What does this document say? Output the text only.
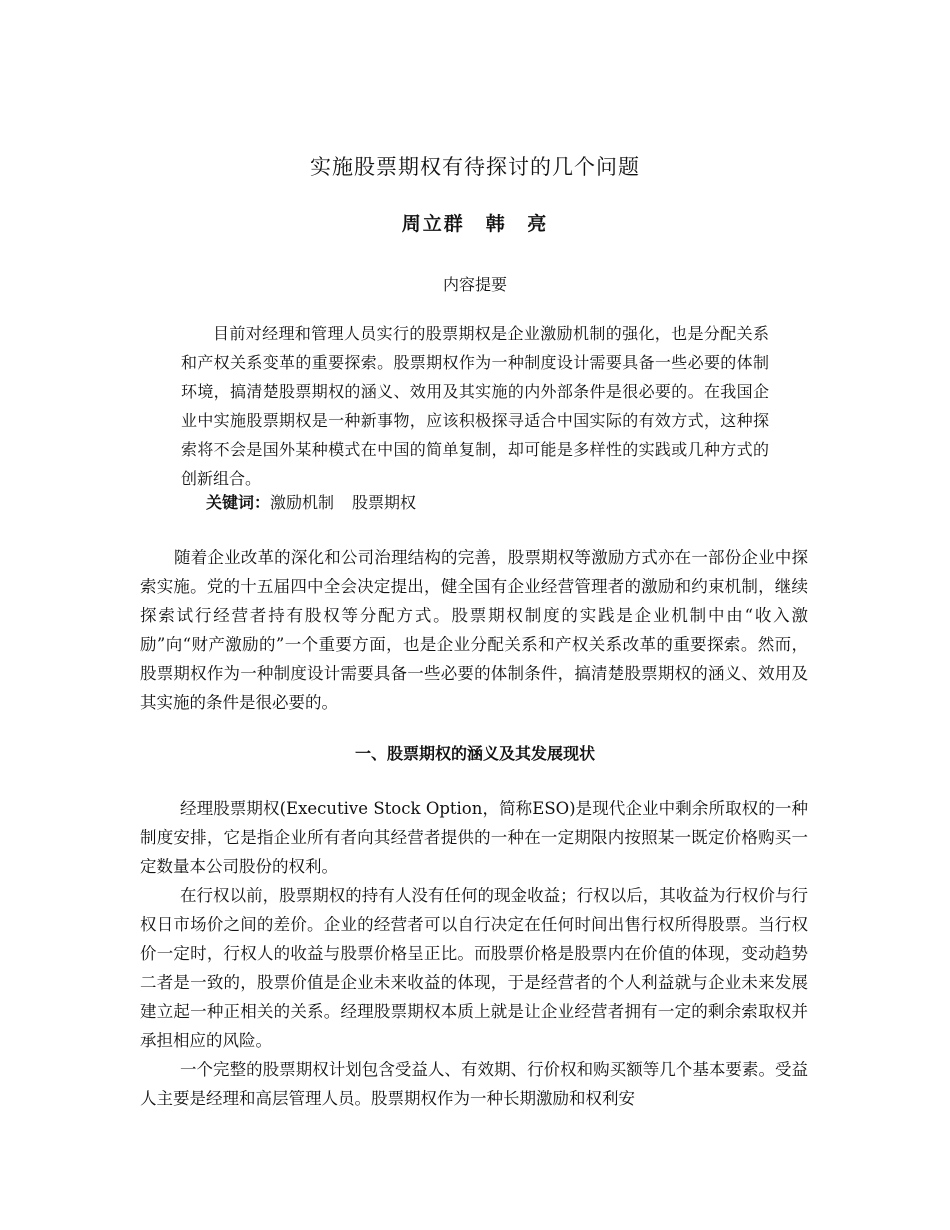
实施股票期权有待探讨的几个问题
周立群　韩 亮
内容提要

目前对经理和管理人员实行的股票期权是企业激励机制的强化，也是分配关系和产权关系变革的重要探索。股票期权作为一种制度设计需要具备一些必要的体制环境，搞清楚股票期权的涵义、效用及其实施的内外部条件是很必要的。在我国企业中实施股票期权是一种新事物，应该积极探寻适合中国实际的有效方式，这种探索将不会是国外某种模式在中国的简单复制，却可能是多样性的实践或几种方式的创新组合。

关键词：激励机制 股票期权

随着企业改革的深化和公司治理结构的完善，股票期权等激励方式亦在一部份企业中探索实施。党的十五届四中全会决定提出，健全国有企业经营管理者的激励和约束机制，继续探索试行经营者持有股权等分配方式。股票期权制度的实践是企业机制中由“收入激励”向“财产激励的”一个重要方面，也是企业分配关系和产权关系改革的重要探索。然而，股票期权作为一种制度设计需要具备一些必要的体制条件，搞清楚股票期权的涵义、效用及其实施的条件是很必要的。

一、股票期权的涵义及其发展现状

经理股票期权(Executive Stock Option，简称ESO)是现代企业中剩余所取权的一种制度安排，它是指企业所有者向其经营者提供的一种在一定期限内按照某一既定价格购买一定数量本公司股份的权利。

在行权以前，股票期权的持有人没有任何的现金收益；行权以后，其收益为行权价与行权日市场价之间的差价。企业的经营者可以自行决定在任何时间出售行权所得股票。当行权价一定时，行权人的收益与股票价格呈正比。而股票价格是股票内在价值的体现，变动趋势二者是一致的，股票价值是企业未来收益的体现，于是经营者的个人利益就与企业未来发展建立起一种正相关的关系。经理股票期权本质上就是让企业经营者拥有一定的剩余索取权并承担相应的风险。

一个完整的股票期权计划包含受益人、有效期、行价权和购买额等几个基本要素。受益人主要是经理和高层管理人员。股票期权作为一种长期激励和权利安
